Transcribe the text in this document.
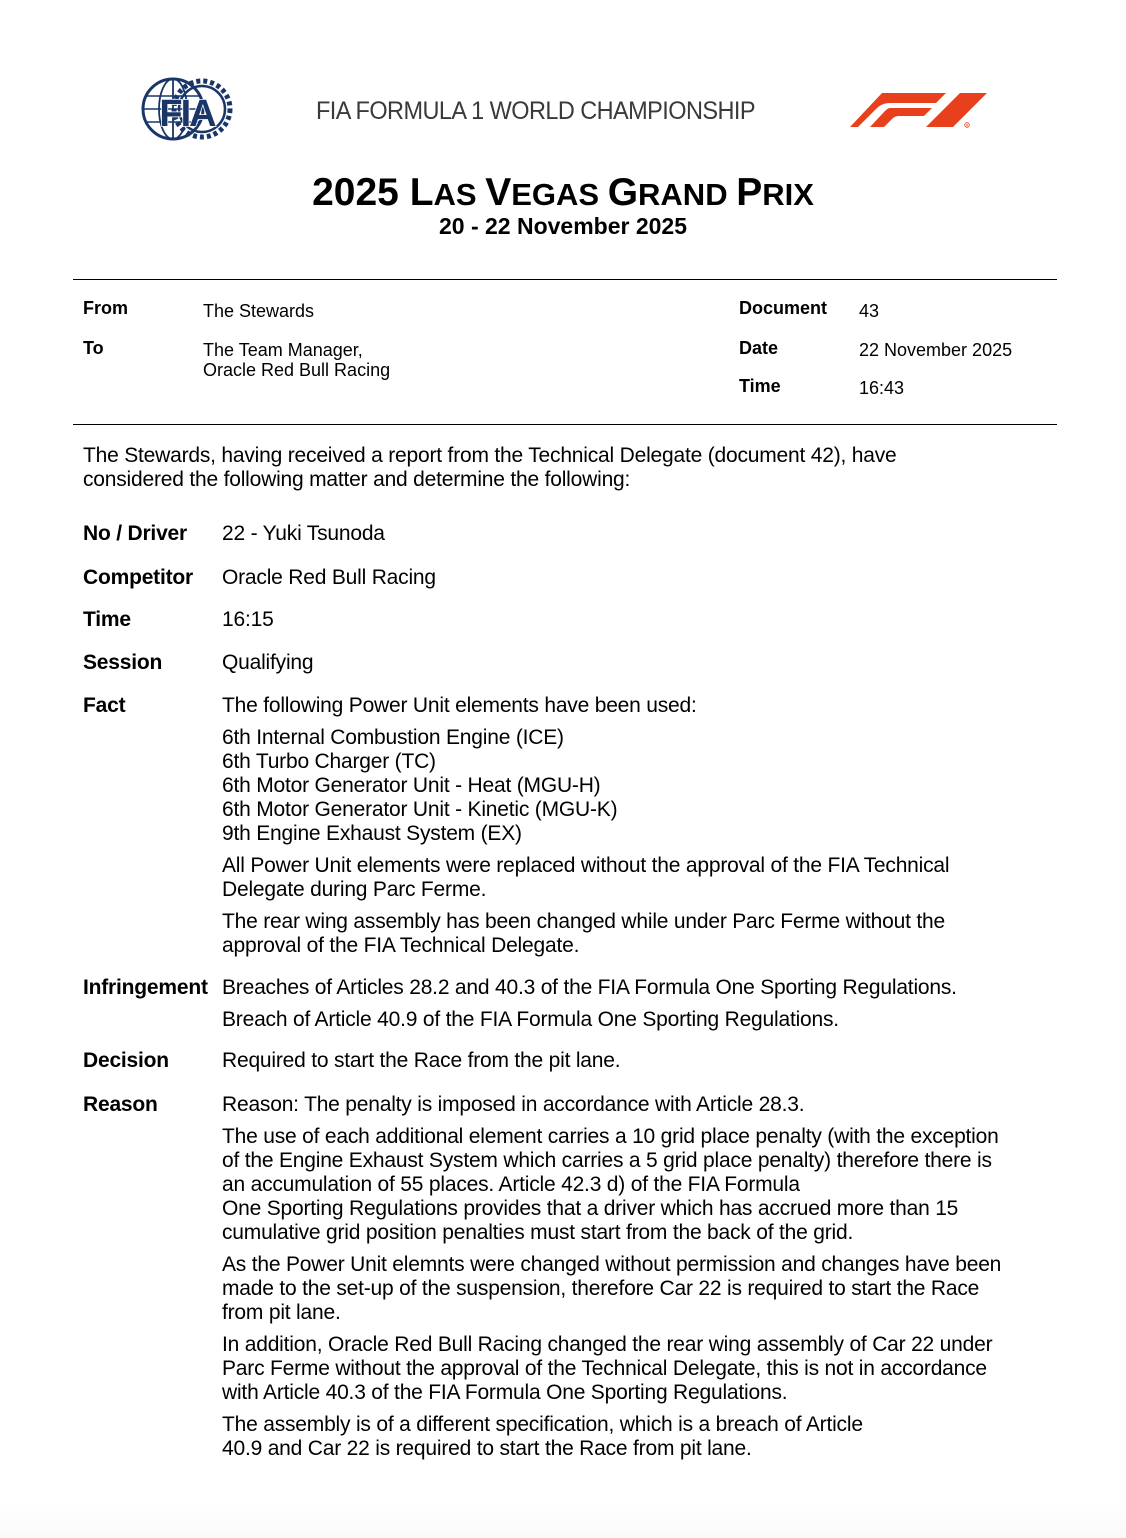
FIA	FIA FORMULA 1 WORLD CHAMPIONSHIP
R
2025 LAS VEGAS GRAND PRIX
20 - 22 November 2025
From	The Stewards
To	The Team Manager,
Oracle Red Bull Racing
Document 43
Date	22 November 2025
Time	16:43
The Stewards, having received a report from the Technical Delegate (document 42), have
considered the following matter and determine the following:
No / Driver 22 - Yuki Tsunoda
Competitor Oracle Red Bull Racing
Time	16:15
Session	Qualifying
Fact	The following Power Unit elements have been used:

6th Internal Combustion Engine (ICE)
6th Turbo Charger (TC)
6th Motor Generator Unit - Heat (MGU-H)
6th Motor Generator Unit - Kinetic (MGU-K)
9th Engine Exhaust System (EX)
All Power Unit elements were replaced without the approval of the FIA Technical
Delegate during Parc Ferme.
The rear wing assembly has been changed while under Parc Ferme without the
approval of the FIA Technical Delegate.
Infringement Breaches of Articles 28.2 and 40.3 of the FIA Formula One Sporting Regulations.
Breach of Article 40.9 of the FIA Formula One Sporting Regulations.
Decision	Required to start the Race from the pit lane.
Reason	Reason: The penalty is imposed in accordance with Article 28.3.

The use of each additional element carries a 10 grid place penalty (with the exception
of the Engine Exhaust System which carries a 5 grid place penalty) therefore there is
an accumulation of 55 places. Article 42.3 d) of the FIA Formula
One Sporting Regulations provides that a driver which has accrued more than 15
cumulative grid position penalties must start from the back of the grid.
As the Power Unit elemnts were changed without permission and changes have been
made to the set-up of the suspension, therefore Car 22 is required to start the Race
from pit lane.
In addition, Oracle Red Bull Racing changed the rear wing assembly of Car 22 under
Parc Ferme without the approval of the Technical Delegate, this is not in accordance
with Article 40.3 of the FIA Formula One Sporting Regulations.
The assembly is of a different specification, which is a breach of Article
40.9 and Car 22 is required to start the Race from pit lane.
